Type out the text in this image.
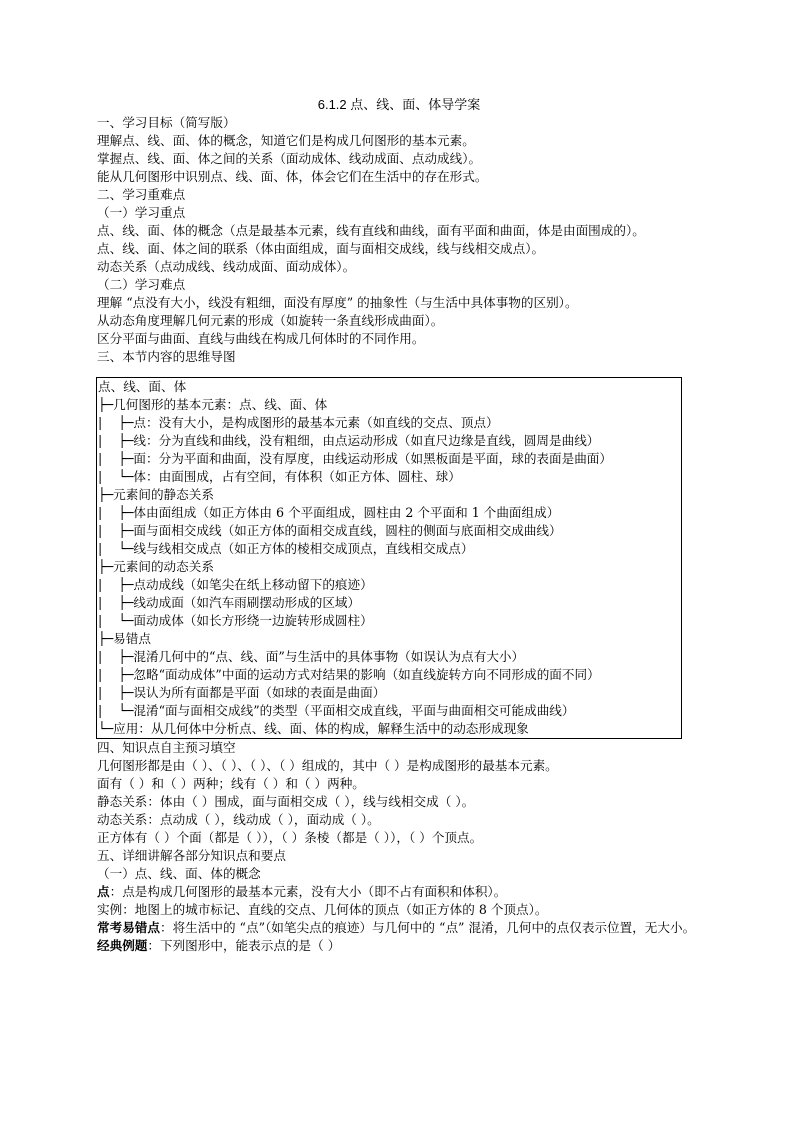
6.1.2 点、线、面、体导学案

一、学习目标（简写版）

理解点、线、面、体的概念，知道它们是构成几何图形的基本元素。

掌握点、线、面、体之间的关系（面动成体、线动成面、点动成线）。

能从几何图形中识别点、线、面、体，体会它们在生活中的存在形式。

二、学习重难点

（一）学习重点

点、线、面、体的概念（点是最基本元素，线有直线和曲线，面有平面和曲面，体是由面围成的）。

点、线、面、体之间的联系（体由面组成，面与面相交成线，线与线相交成点）。

动态关系（点动成线、线动成面、面动成体）。

（二）学习难点

理解 “点没有大小，线没有粗细，面没有厚度” 的抽象性（与生活中具体事物的区别）。

从动态角度理解几何元素的形成（如旋转一条直线形成曲面）。

区分平面与曲面、直线与曲线在构成几何体时的不同作用。

三、本节内容的思维导图

点、线、面、体

├─几何图形的基本元素：点、线、面、体

|    ├─点：没有大小，是构成图形的最基本元素（如直线的交点、顶点）

|    ├─线：分为直线和曲线，没有粗细，由点运动形成（如直尺边缘是直线，圆周是曲线）

|    ├─面：分为平面和曲面，没有厚度，由线运动形成（如黑板面是平面，球的表面是曲面）

|    └─体：由面围成，占有空间，有体积（如正方体、圆柱、球）

├─元素间的静态关系

|    ├─体由面组成（如正方体由 6 个平面组成，圆柱由 2 个平面和 1 个曲面组成）

|    ├─面与面相交成线（如正方体的面相交成直线，圆柱的侧面与底面相交成曲线）

|    └─线与线相交成点（如正方体的棱相交成顶点，直线相交成点）

├─元素间的动态关系

|    ├─点动成线（如笔尖在纸上移动留下的痕迹）

|    ├─线动成面（如汽车雨刷摆动形成的区域）

|    └─面动成体（如长方形绕一边旋转形成圆柱）

├─易错点

|    ├─混淆几何中的“点、线、面”与生活中的具体事物（如误认为点有大小）

|    ├─忽略“面动成体”中面的运动方式对结果的影响（如直线旋转方向不同形成的面不同）

|    ├─误认为所有面都是平面（如球的表面是曲面）

|    └─混淆“面与面相交成线”的类型（平面相交成直线，平面与曲面相交可能成曲线）

└─应用：从几何体中分析点、线、面、体的构成，解释生活中的动态形成现象

四、知识点自主预习填空

几何图形都是由（ ）、（ ）、（ ）、（ ）组成的，其中（ ）是构成图形的最基本元素。

面有（ ）和（ ）两种；线有（ ）和（ ）两种。

静态关系：体由（ ）围成，面与面相交成（ ），线与线相交成（ ）。

动态关系：点动成（ ），线动成（ ），面动成（ ）。

正方体有（ ）个面（都是（ ）），（ ）条棱（都是（ ）），（ ）个顶点。

五、详细讲解各部分知识点和要点

（一）点、线、面、体的概念

点：点是构成几何图形的最基本元素，没有大小（即不占有面积和体积）。

实例：地图上的城市标记、直线的交点、几何体的顶点（如正方体的 8 个顶点）。

常考易错点：将生活中的 “点”（如笔尖点的痕迹）与几何中的 “点” 混淆，几何中的点仅表示位置，无大小。

经典例题：下列图形中，能表示点的是（ ）
